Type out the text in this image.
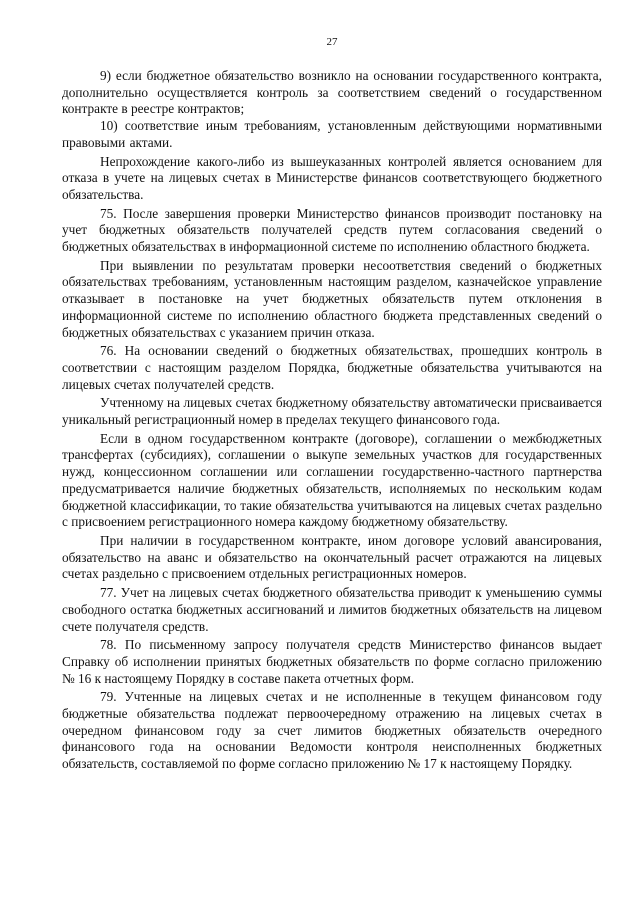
27

9) если бюджетное обязательство возникло на основании государственного контракта, дополнительно осуществляется контроль за соответствием сведений о государственном контракте в реестре контрактов;

10) соответствие иным требованиям, установленным действующими нормативными правовыми актами.

Непрохождение какого-либо из вышеуказанных контролей является основанием для отказа в учете на лицевых счетах в Министерстве финансов соответствующего бюджетного обязательства.

75. После завершения проверки Министерство финансов производит постановку на учет бюджетных обязательств получателей средств путем согласования сведений о бюджетных обязательствах в информационной системе по исполнению областного бюджета.

При выявлении по результатам проверки несоответствия сведений о бюджетных обязательствах требованиям, установленным настоящим разделом, казначейское управление отказывает в постановке на учет бюджетных обязательств путем отклонения в информационной системе по исполнению областного бюджета представленных сведений о бюджетных обязательствах с указанием причин отказа.

76. На основании сведений о бюджетных обязательствах, прошедших контроль в соответствии с настоящим разделом Порядка, бюджетные обязательства учитываются на лицевых счетах получателей средств.

Учтенному на лицевых счетах бюджетному обязательству автоматически присваивается уникальный регистрационный номер в пределах текущего финансового года.

Если в одном государственном контракте (договоре), соглашении о межбюджетных трансфертах (субсидиях), соглашении о выкупе земельных участков для государственных нужд, концессионном соглашении или соглашении государственно-частного партнерства предусматривается наличие бюджетных обязательств, исполняемых по нескольким кодам бюджетной классификации, то такие обязательства учитываются на лицевых счетах раздельно с присвоением регистрационного номера каждому бюджетному обязательству.

При наличии в государственном контракте, ином договоре условий авансирования, обязательство на аванс и обязательство на окончательный расчет отражаются на лицевых счетах раздельно с присвоением отдельных регистрационных номеров.

77. Учет на лицевых счетах бюджетного обязательства приводит к уменьшению суммы свободного остатка бюджетных ассигнований и лимитов бюджетных обязательств на лицевом счете получателя средств.

78. По письменному запросу получателя средств Министерство финансов выдает Справку об исполнении принятых бюджетных обязательств по форме согласно приложению № 16 к настоящему Порядку в составе пакета отчетных форм.

79. Учтенные на лицевых счетах и не исполненные в текущем финансовом году бюджетные обязательства подлежат первоочередному отражению на лицевых счетах в очередном финансовом году за счет лимитов бюджетных обязательств очередного финансового года на основании Ведомости контроля неисполненных бюджетных обязательств, составляемой по форме согласно приложению № 17 к настоящему Порядку.
